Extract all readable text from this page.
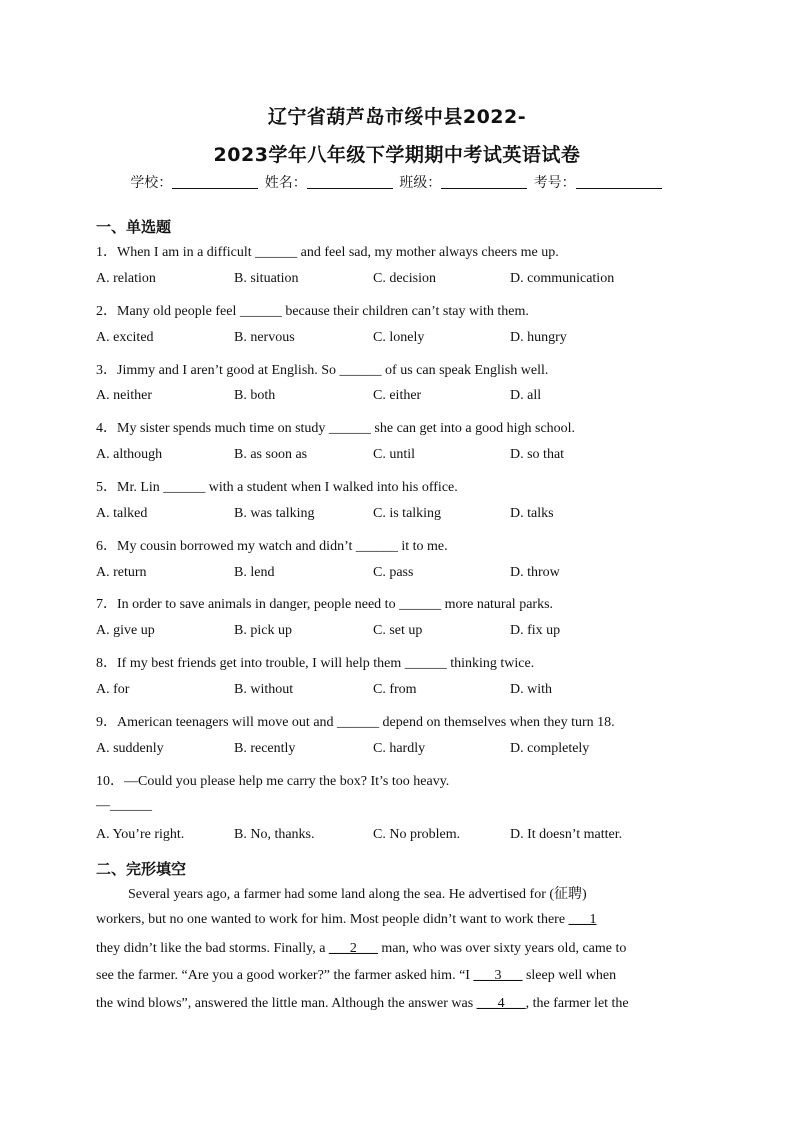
辽宁省葫芦岛市绥中县2022-
2023学年八年级下学期期中考试英语试卷
学校：	姓名：	班级：	考号：
一、单选题
1．When I am in a difficult ______ and feel sad, my mother always cheers me up.
A. relation	B. situation	C. decision	D. communication
2．Many old people feel ______ because their children can’t stay with them.
A. excited	B. nervous	C. lonely	D. hungry
3．Jimmy and I aren’t good at English. So ______ of us can speak English well.
A. neither	B. both	C. either	D. all
4．My sister spends much time on study ______ she can get into a good high school.
A. although	B. as soon as	C. until	D. so that
5．Mr. Lin ______ with a student when I walked into his office.
A. talked	B. was talking	C. is talking	D. talks
6．My cousin borrowed my watch and didn’t ______ it to me.
A. return	B. lend	C. pass	D. throw
7．In order to save animals in danger, people need to ______ more natural parks.
A. give up	B. pick up	C. set up	D. fix up
8．If my best friends get into trouble, I will help them ______ thinking twice.
A. for	B. without	C. from	D. with
9．American teenagers will move out and ______ depend on themselves when they turn 18.
A. suddenly	B. recently	C. hardly	D. completely
10．—Could you please help me carry the box? It’s too heavy.
—______
A. You’re right.	B. No, thanks.	C. No problem.	D. It doesn’t matter.
二、完形填空
Several years ago, a farmer had some land along the sea. He advertised for (征聘)
workers, but no one wanted to work for him. Most people didn’t want to work there ___1
they didn’t like the bad storms. Finally, a ___2___ man, who was over sixty years old, came to
see the farmer. “Are you a good worker?” the farmer asked him. “I ___3___ sleep well when
the wind blows”, answered the little man. Although the answer was ___4___, the farmer let the
